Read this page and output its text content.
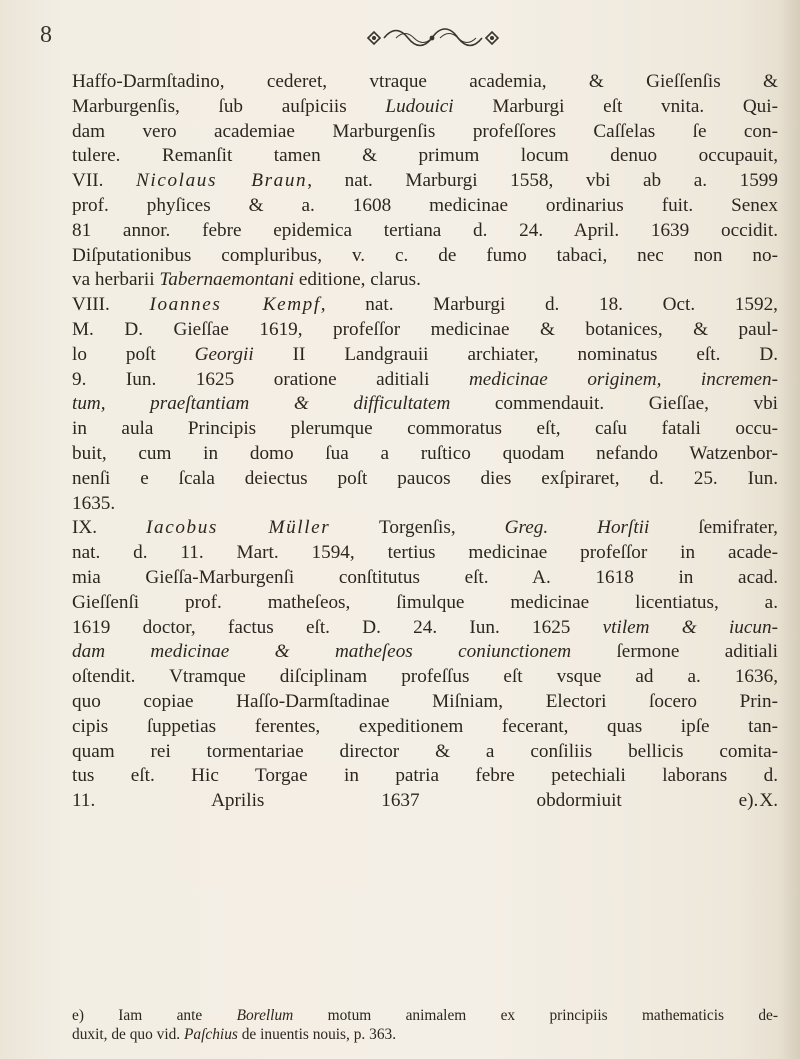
8
Haffo-Darmſtadino, cederet, vtraque academia, & Gieſſenſis &
Marburgenſis, ſub auſpiciis Ludouici Marburgi eſt vnita. Qui-
dam vero academiae Marburgenſis profeſſores Caſſelas ſe con-
tulere. Remanſit tamen & primum locum denuo occupauit,
VII. Nicolaus Braun, nat. Marburgi 1558, vbi ab a. 1599
prof. phyſices & a. 1608 medicinae ordinarius fuit. Senex
81 annor. febre epidemica tertiana d. 24. April. 1639 occidit.
Diſputationibus compluribus, v. c. de fumo tabaci, nec non no-
va herbarii Tabernaemontani editione, clarus.
VIII. Ioannes Kempf, nat. Marburgi d. 18. Oct. 1592,
M. D. Gieſſae 1619, profeſſor medicinae & botanices, & paul-
lo poſt Georgii II Landgrauii archiater, nominatus eſt. D.
9. Iun. 1625 oratione aditiali medicinae originem, incremen-
tum, praeſtantiam & difficultatem commendauit. Gieſſae, vbi
in aula Principis plerumque commoratus eſt, caſu fatali occu-
buit, cum in domo ſua a ruſtico quodam nefando Watzenbor-
nenſi e ſcala deiectus poſt paucos dies exſpiraret, d. 25. Iun.
1635.
IX. Iacobus Müller Torgenſis, Greg. Horſtii ſemifrater,
nat. d. 11. Mart. 1594, tertius medicinae profeſſor in acade-
mia Gieſſa-Marburgenſi conſtitutus eſt. A. 1618 in acad.
Gieſſenſi prof. matheſeos, ſimulque medicinae licentiatus, a.
1619 doctor, factus eſt. D. 24. Iun. 1625 vtilem & iucun-
dam medicinae & matheſeos coniunctionem ſermone aditiali
oſtendit. Vtramque diſciplinam profeſſus eſt vsque ad a. 1636,
quo copiae Haſſo-Darmſtadinae Miſniam, Electori ſocero Prin-
cipis ſuppetias ferentes, expeditionem fecerant, quas ipſe tan-
quam rei tormentariae director & a conſiliis bellicis comita-
tus eſt. Hic Torgae in patria febre petechiali laborans d.
11. Aprilis 1637 obdormiuit e).X.
e) Iam ante Borellum motum animalem ex principiis mathematicis de-
duxit, de quo vid. Paſchius de inuentis nouis, p. 363.
